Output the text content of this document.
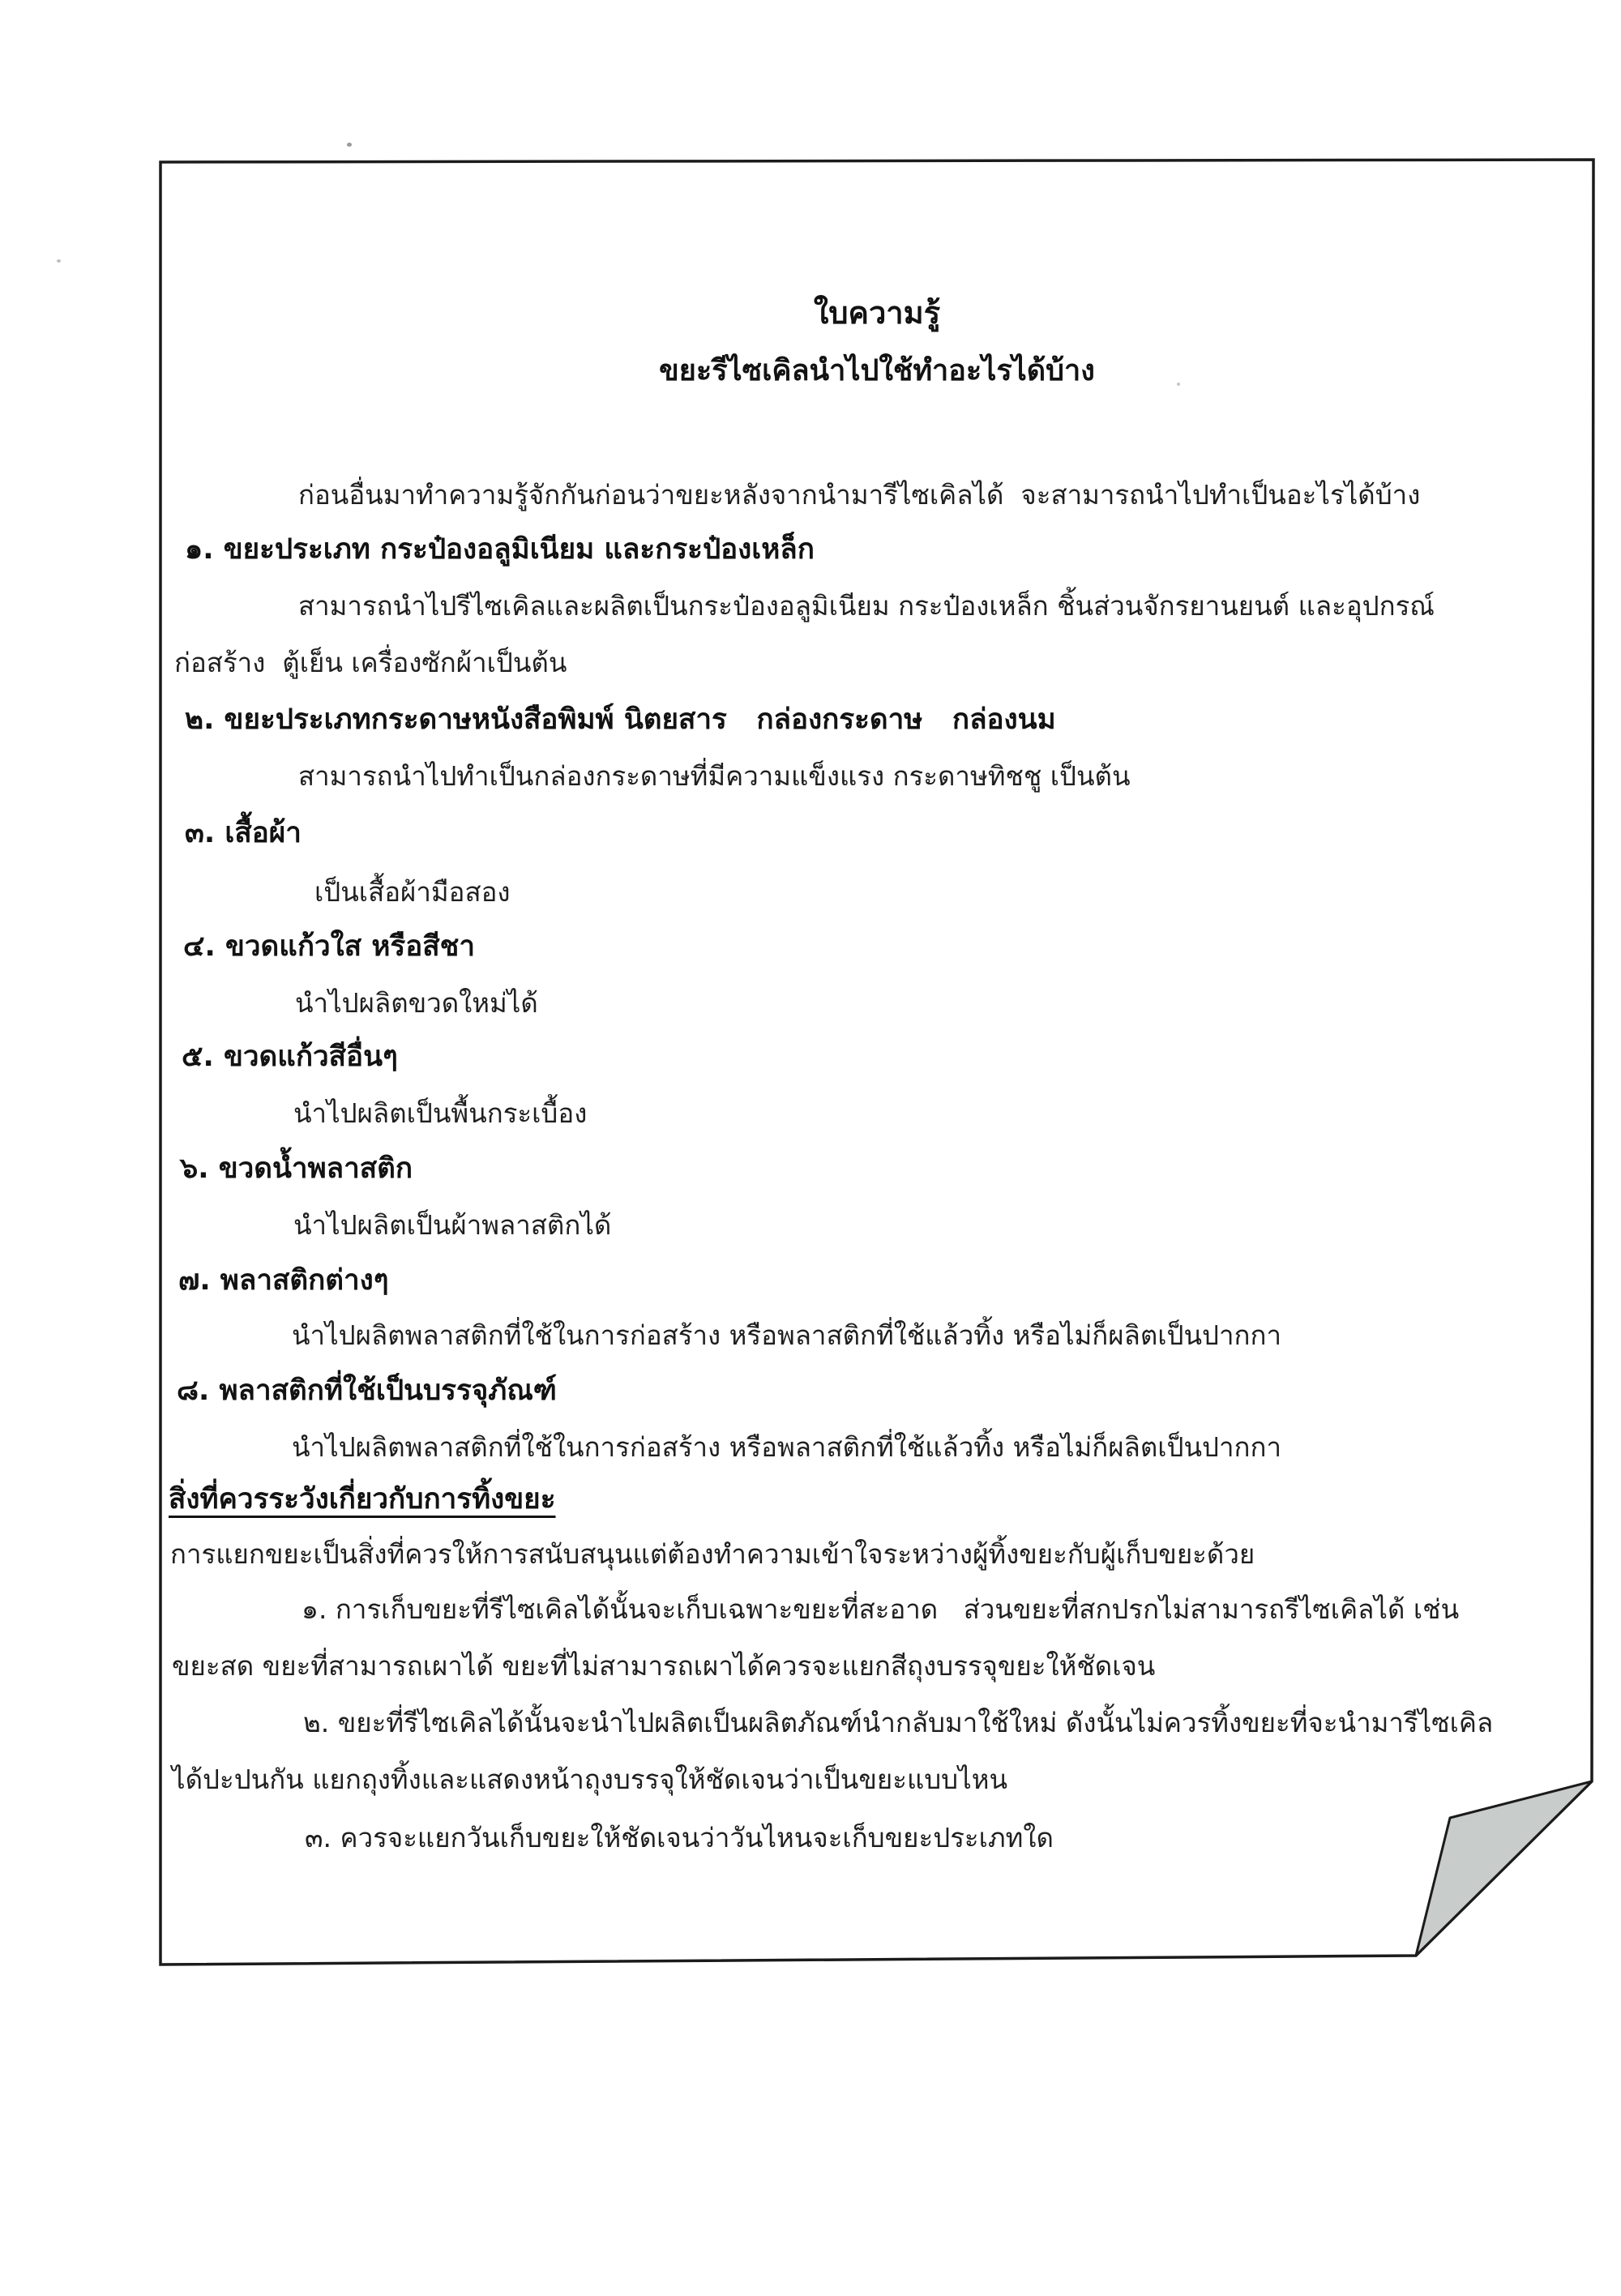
ใบความรู้
ขยะรีไซเคิลนำไปใช้ทำอะไรได้บ้าง
ก่อนอื่นมาทำความรู้จักกันก่อนว่าขยะหลังจากนำมารีไซเคิลได้  จะสามารถนำไปทำเป็นอะไรได้บ้าง
๑. ขยะประเภท กระป๋องอลูมิเนียม และกระป๋องเหล็ก
สามารถนำไปรีไซเคิลและผลิตเป็นกระป๋องอลูมิเนียม กระป๋องเหล็ก ชิ้นส่วนจักรยานยนต์ และอุปกรณ์
ก่อสร้าง  ตู้เย็น เครื่องซักผ้าเป็นต้น
๒. ขยะประเภทกระดาษหนังสือพิมพ์ นิตยสาร   กล่องกระดาษ   กล่องนม
สามารถนำไปทำเป็นกล่องกระดาษที่มีความแข็งแรง กระดาษทิชชู เป็นต้น
๓. เสื้อผ้า
เป็นเสื้อผ้ามือสอง
๔. ขวดแก้วใส หรือสีชา
นำไปผลิตขวดใหม่ได้
๕. ขวดแก้วสีอื่นๆ
นำไปผลิตเป็นพื้นกระเบื้อง
๖. ขวดน้ำพลาสติก
นำไปผลิตเป็นผ้าพลาสติกได้
๗. พลาสติกต่างๆ
นำไปผลิตพลาสติกที่ใช้ในการก่อสร้าง หรือพลาสติกที่ใช้แล้วทิ้ง หรือไม่ก็ผลิตเป็นปากกา
๘. พลาสติกที่ใช้เป็นบรรจุภัณฑ์
นำไปผลิตพลาสติกที่ใช้ในการก่อสร้าง หรือพลาสติกที่ใช้แล้วทิ้ง หรือไม่ก็ผลิตเป็นปากกา
สิ่งที่ควรระวังเกี่ยวกับการทิ้งขยะ
การแยกขยะเป็นสิ่งที่ควรให้การสนับสนุนแต่ต้องทำความเข้าใจระหว่างผู้ทิ้งขยะกับผู้เก็บขยะด้วย
๑. การเก็บขยะที่รีไซเคิลได้นั้นจะเก็บเฉพาะขยะที่สะอาด   ส่วนขยะที่สกปรกไม่สามารถรีไซเคิลได้ เช่น
ขยะสด ขยะที่สามารถเผาได้ ขยะที่ไม่สามารถเผาได้ควรจะแยกสีถุงบรรจุขยะให้ชัดเจน
๒. ขยะที่รีไซเคิลได้นั้นจะนำไปผลิตเป็นผลิตภัณฑ์นำกลับมาใช้ใหม่ ดังนั้นไม่ควรทิ้งขยะที่จะนำมารีไซเคิล
ได้ปะปนกัน แยกถุงทิ้งและแสดงหน้าถุงบรรจุให้ชัดเจนว่าเป็นขยะแบบไหน
๓. ควรจะแยกวันเก็บขยะให้ชัดเจนว่าวันไหนจะเก็บขยะประเภทใด
